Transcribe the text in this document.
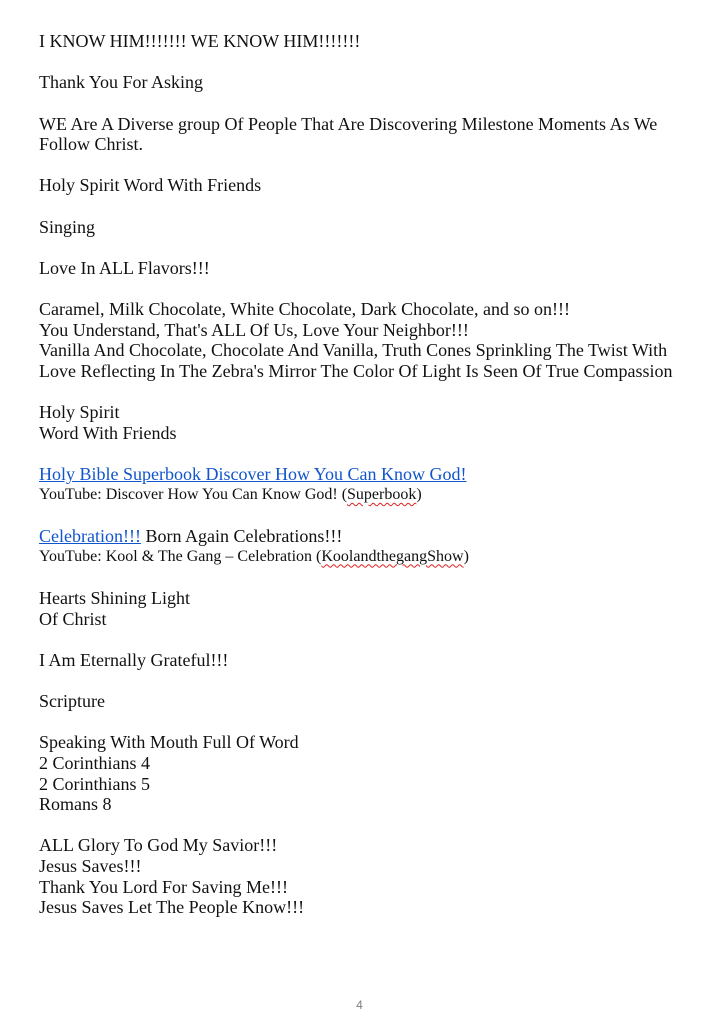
I KNOW HIM!!!!!!! WE KNOW HIM!!!!!!!
Thank You For Asking
WE Are A Diverse group Of People That Are Discovering Milestone Moments As We Follow Christ.
Holy Spirit Word With Friends
Singing
Love In ALL Flavors!!!
Caramel, Milk Chocolate, White Chocolate, Dark Chocolate, and so on!!!
You Understand, That's ALL Of Us, Love Your Neighbor!!!
Vanilla And Chocolate, Chocolate And Vanilla, Truth Cones Sprinkling The Twist With Love Reflecting In The Zebra's Mirror The Color Of Light Is Seen Of True Compassion
Holy Spirit
Word With Friends
Holy Bible Superbook Discover How You Can Know God!
YouTube: Discover How You Can Know God! (Superbook)
Celebration!!! Born Again Celebrations!!!
YouTube: Kool & The Gang – Celebration (KoolandthegangShow)
Hearts Shining Light
Of Christ
I Am Eternally Grateful!!!
Scripture
Speaking With Mouth Full Of Word
2 Corinthians 4
2 Corinthians 5
Romans 8
ALL Glory To God My Savior!!!
Jesus Saves!!!
Thank You Lord For Saving Me!!!
Jesus Saves Let The People Know!!!
4
